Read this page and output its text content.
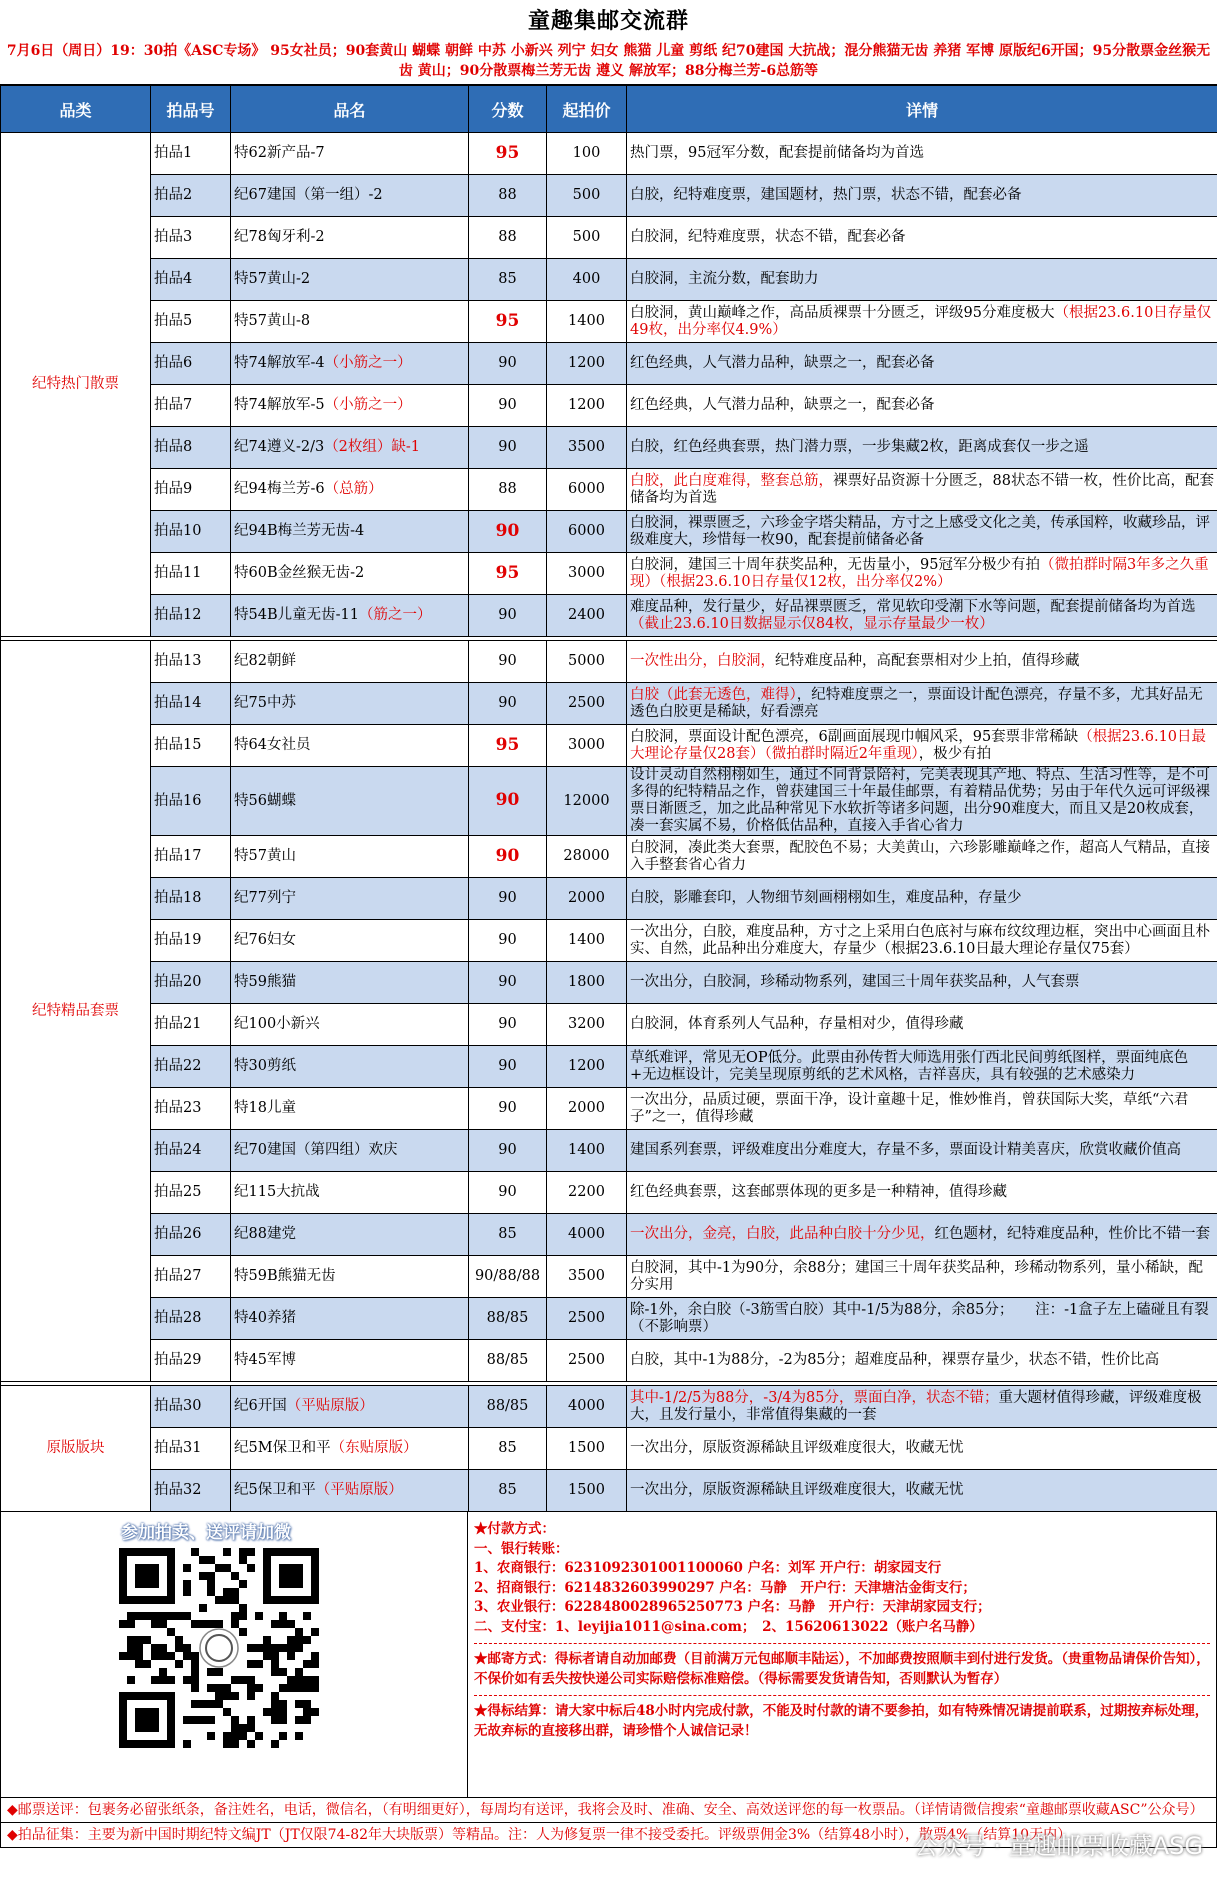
童趣集邮交流群
7月6日（周日）19：30拍《ASC专场》 95女社员；90套黄山 蝴蝶 朝鲜 中苏 小新兴 列宁 妇女 熊猫 儿童 剪纸 纪70建国 大抗战；混分熊猫无齿 养猪 军博 原版纪6开国；95分散票金丝猴无齿 黄山；90分散票梅兰芳无齿 遵义 解放军；88分梅兰芳-6总筋等
品类	拍品号	品名	分数	起拍价	详情
纪特热门散票	拍品1	特62新产品-7	95	100	热门票，95冠军分数，配套提前储备均为首选
	拍品2	纪67建国（第一组）-2	88	500	白胶，纪特难度票，建国题材，热门票，状态不错，配套必备
	拍品3	纪78匈牙利-2	88	500	白胶洞，纪特难度票，状态不错，配套必备
	拍品4	特57黄山-2	85	400	白胶洞，主流分数，配套助力
	拍品5	特57黄山-8	95	1400	白胶洞，黄山巅峰之作，高品质裸票十分匮乏，评级95分难度极大（根据23.6.10日存量仅49枚，出分率仅4.9%）
	拍品6	特74解放军-4（小筋之一）	90	1200	红色经典，人气潜力品种，缺票之一，配套必备
	拍品7	特74解放军-5（小筋之一）	90	1200	红色经典，人气潜力品种，缺票之一，配套必备
	拍品8	纪74遵义-2/3（2枚组）缺-1	90	3500	白胶，红色经典套票，热门潜力票，一步集藏2枚，距离成套仅一步之遥
	拍品9	纪94梅兰芳-6（总筋）	88	6000	白胶，此白度难得，整套总筋，裸票好品资源十分匮乏，88状态不错一枚，性价比高，配套储备均为首选
	拍品10	纪94B梅兰芳无齿-4	90	6000	白胶洞，裸票匮乏，六珍金字塔尖精品，方寸之上感受文化之美，传承国粹，收藏珍品，评级难度大，珍惜每一枚90，配套提前储备必备
	拍品11	特60B金丝猴无齿-2	95	3000	白胶洞，建国三十周年获奖品种，无齿量小，95冠军分极少有拍（微拍群时隔3年多之久重现）（根据23.6.10日存量仅12枚，出分率仅2%）
	拍品12	特54B儿童无齿-11（筋之一）	90	2400	难度品种，发行量少，好品裸票匮乏，常见软印受潮下水等问题，配套提前储备均为首选（截止23.6.10日数据显示仅84枚，显示存量最少一枚）

纪特精品套票	拍品13	纪82朝鲜	90	5000	一次性出分，白胶洞，纪特难度品种，高配套票相对少上拍，值得珍藏
	拍品14	纪75中苏	90	2500	白胶（此套无透色，难得），纪特难度票之一，票面设计配色漂亮，存量不多，尤其好品无透色白胶更是稀缺，好看漂亮
	拍品15	特64女社员	95	3000	白胶洞，票面设计配色漂亮，6副画面展现巾帼风采，95套票非常稀缺（根据23.6.10日最大理论存量仅28套）（微拍群时隔近2年重现），极少有拍
	拍品16	特56蝴蝶	90	12000	设计灵动自然栩栩如生，通过不同背景陪衬，完美表现其产地、特点、生活习性等，是不可多得的纪特精品之作，曾获建国三十年最佳邮票，有着精品优势；另由于年代久远可评级裸票日渐匮乏，加之此品种常见下水软折等诸多问题，出分90难度大，而且又是20枚成套，凑一套实属不易，价格低估品种，直接入手省心省力
	拍品17	特57黄山	90	28000	白胶洞，凑此类大套票，配胶色不易；大美黄山，六珍影雕巅峰之作，超高人气精品，直接入手整套省心省力
	拍品18	纪77列宁	90	2000	白胶，影雕套印，人物细节刻画栩栩如生，难度品种，存量少
	拍品19	纪76妇女	90	1400	一次出分，白胶，难度品种，方寸之上采用白色底衬与麻布纹纹理边框，突出中心画面且朴实、自然，此品种出分难度大，存量少（根据23.6.10日最大理论存量仅75套）
	拍品20	特59熊猫	90	1800	一次出分，白胶洞，珍稀动物系列，建国三十周年获奖品种，人气套票
	拍品21	纪100小新兴	90	3200	白胶洞，体育系列人气品种，存量相对少，值得珍藏
	拍品22	特30剪纸	90	1200	草纸难评，常见无OP低分。此票由孙传哲大师选用张仃西北民间剪纸图样，票面纯底色+无边框设计，完美呈现原剪纸的艺术风格，吉祥喜庆，具有较强的艺术感染力
	拍品23	特18儿童	90	2000	一次出分，品质过硬，票面干净，设计童趣十足，惟妙惟肖，曾获国际大奖，草纸“六君子”之一，值得珍藏
	拍品24	纪70建国（第四组）欢庆	90	1400	建国系列套票，评级难度出分难度大，存量不多，票面设计精美喜庆，欣赏收藏价值高
	拍品25	纪115大抗战	90	2200	红色经典套票，这套邮票体现的更多是一种精神，值得珍藏
	拍品26	纪88建党	85	4000	一次出分，金亮，白胶，此品种白胶十分少见，红色题材，纪特难度品种，性价比不错一套
	拍品27	特59B熊猫无齿	90/88/88	3500	白胶洞，其中-1为90分，余88分；建国三十周年获奖品种，珍稀动物系列，量小稀缺，配分实用
	拍品28	特40养猪	88/85	2500	除-1外，余白胶（-3筋雪白胶）其中-1/5为88分，余85分；　　注：-1盒子左上磕碰且有裂（不影响票）
	拍品29	特45军博	88/85	2500	白胶，其中-1为88分，-2为85分；超难度品种，裸票存量少，状态不错，性价比高

原版版块	拍品30	纪6开国（平贴原版）	88/85	4000	其中-1/2/5为88分，-3/4为85分，票面白净，状态不错；重大题材值得珍藏，评级难度极大，且发行量小，非常值得集藏的一套
	拍品31	纪5M保卫和平（东贴原版）	85	1500	一次出分，原版资源稀缺且评级难度很大，收藏无忧
	拍品32	纪5保卫和平（平贴原版）	85	1500	一次出分，原版资源稀缺且评级难度很大，收藏无忧
参加拍卖、送评请加微	★付款方式：
一、银行转账：
1、农商银行：6231092301001100060 户名：刘军 开户行：胡家园支行
2、招商银行：6214832603990297 户名：马静　开户行：天津塘沽金街支行；
3、农业银行：6228480028965250773 户名：马静　开户行：天津胡家园支行；
二、支付宝：1、leyijia1011@sina.com；　2、15620613022（账户名马静）
★邮寄方式：得标者请自动加邮费（目前满万元包邮顺丰陆运），不加邮费按照顺丰到付进行发货。（贵重物品请保价告知），不保价如有丢失按快递公司实际赔偿标准赔偿。（得标需要发货请告知，否则默认为暂存）
★得标结算：请大家中标后48小时内完成付款，不能及时付款的请不要参拍，如有特殊情况请提前联系，过期按弃标处理，无故弃标的直接移出群，请珍惜个人诚信记录！
◆邮票送评：包裹务必留张纸条，备注姓名，电话，微信名，（有明细更好），每周均有送评，我将会及时、准确、安全、高效送评您的每一枚票品。（详情请微信搜索“童趣邮票收藏ASC”公众号）
◆拍品征集：主要为新中国时期纪特文编JT（JT仅限74-82年大块版票）等精品。注：人为修复票一律不接受委托。评级票佣金3%（结算48小时），散票4%（结算10天内）
公众号 · 童趣邮票收藏ASG
